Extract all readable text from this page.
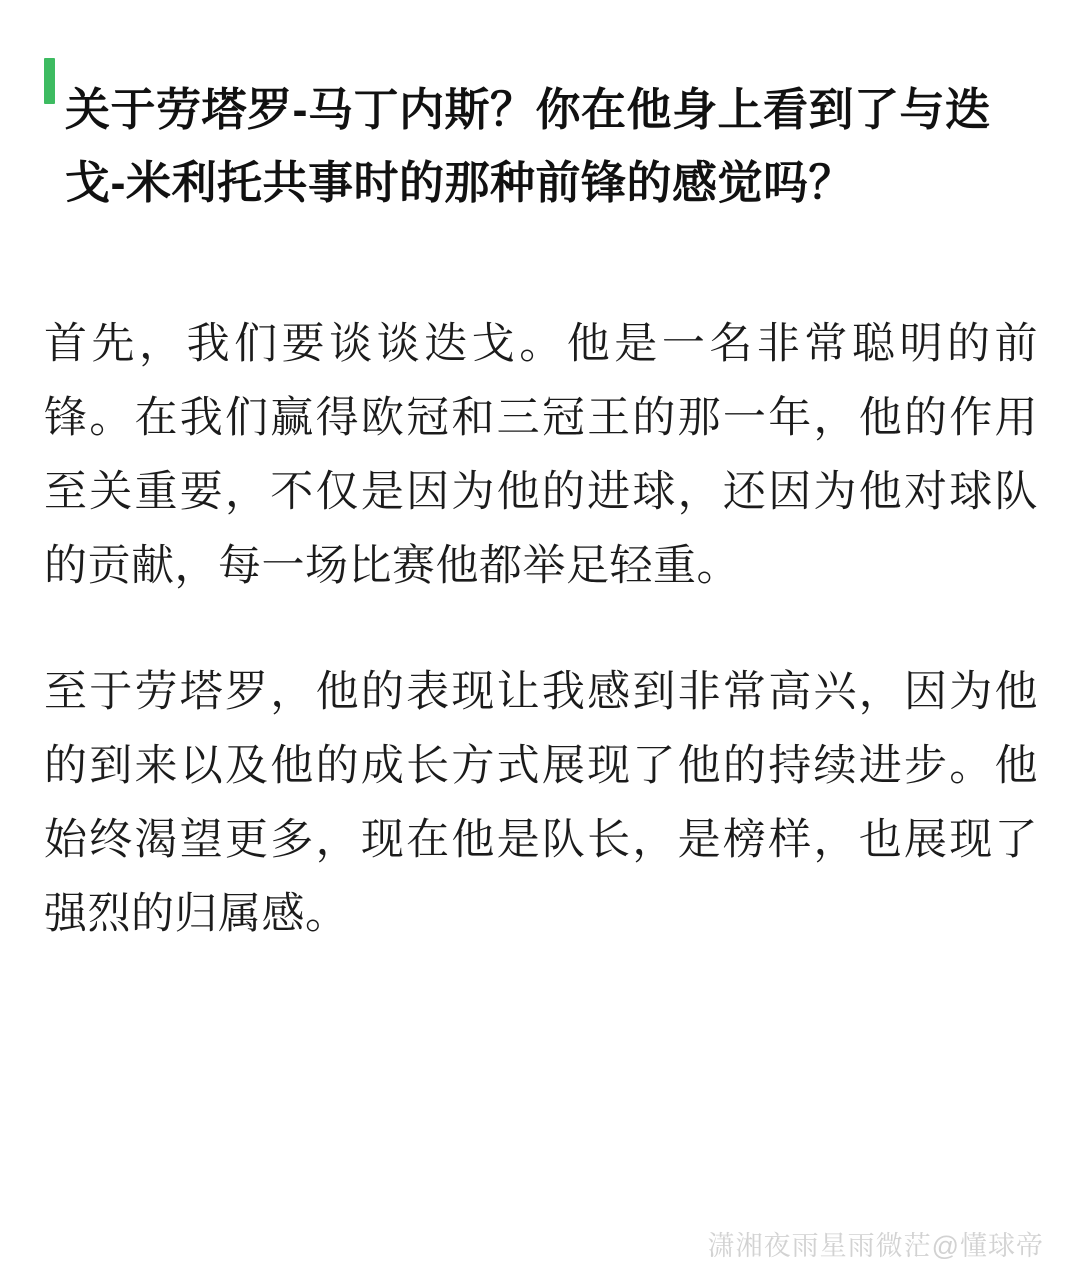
关于劳塔罗-马丁内斯？你在他身上看到了与迭戈-米利托共事时的那种前锋的感觉吗？

首先，我们要谈谈迭戈。他是一名非常聪明的前锋。在我们赢得欧冠和三冠王的那一年，他的作用至关重要，不仅是因为他的进球，还因为他对球队的贡献，每一场比赛他都举足轻重。

至于劳塔罗，他的表现让我感到非常高兴，因为他的到来以及他的成长方式展现了他的持续进步。他始终渴望更多，现在他是队长，是榜样，也展现了强烈的归属感。

潇湘夜雨星雨微茫@懂球帝
